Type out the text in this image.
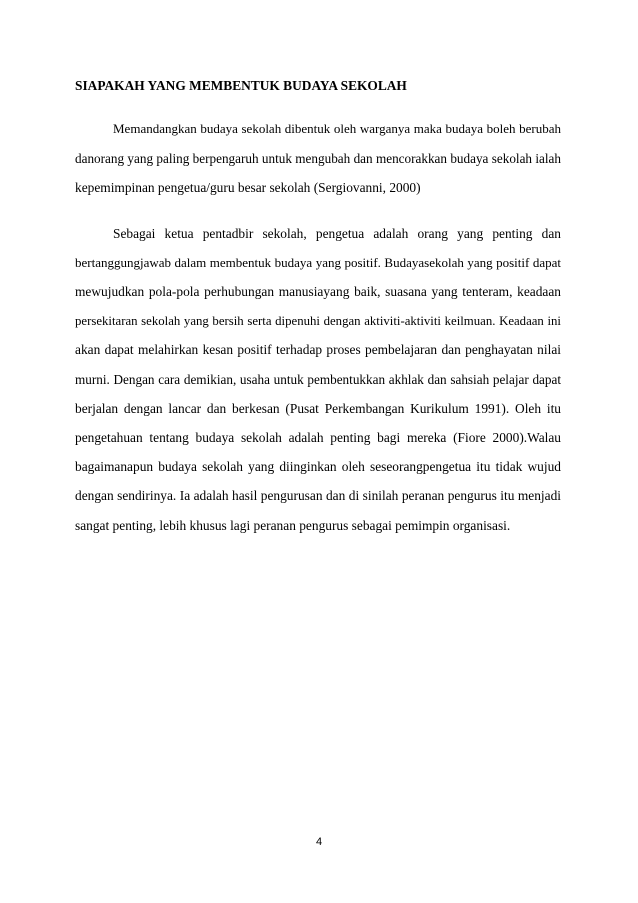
SIAPAKAH YANG MEMBENTUK BUDAYA SEKOLAH
Memandangkan budaya sekolah dibentuk oleh warganya maka budaya boleh berubah
danorang yang paling berpengaruh untuk mengubah dan mencorakkan budaya sekolah ialah
kepemimpinan pengetua/guru besar sekolah (Sergiovanni, 2000)
Sebagai ketua pentadbir sekolah, pengetua adalah orang yang penting dan
bertanggungjawab dalam membentuk budaya yang positif. Budayasekolah yang positif dapat
mewujudkan pola-pola perhubungan manusiayang baik, suasana yang tenteram, keadaan
persekitaran sekolah yang bersih serta dipenuhi dengan aktiviti-aktiviti keilmuan. Keadaan ini
akan dapat melahirkan kesan positif terhadap proses pembelajaran dan penghayatan nilai
murni. Dengan cara demikian, usaha untuk pembentukkan akhlak dan sahsiah pelajar dapat
berjalan dengan lancar dan berkesan (Pusat Perkembangan Kurikulum 1991). Oleh itu
pengetahuan tentang budaya sekolah adalah penting bagi mereka (Fiore 2000).Walau
bagaimanapun budaya sekolah yang diinginkan oleh seseorangpengetua itu tidak wujud
dengan sendirinya. Ia adalah hasil pengurusan dan di sinilah peranan pengurus itu menjadi
sangat penting, lebih khusus lagi peranan pengurus sebagai pemimpin organisasi.
4
